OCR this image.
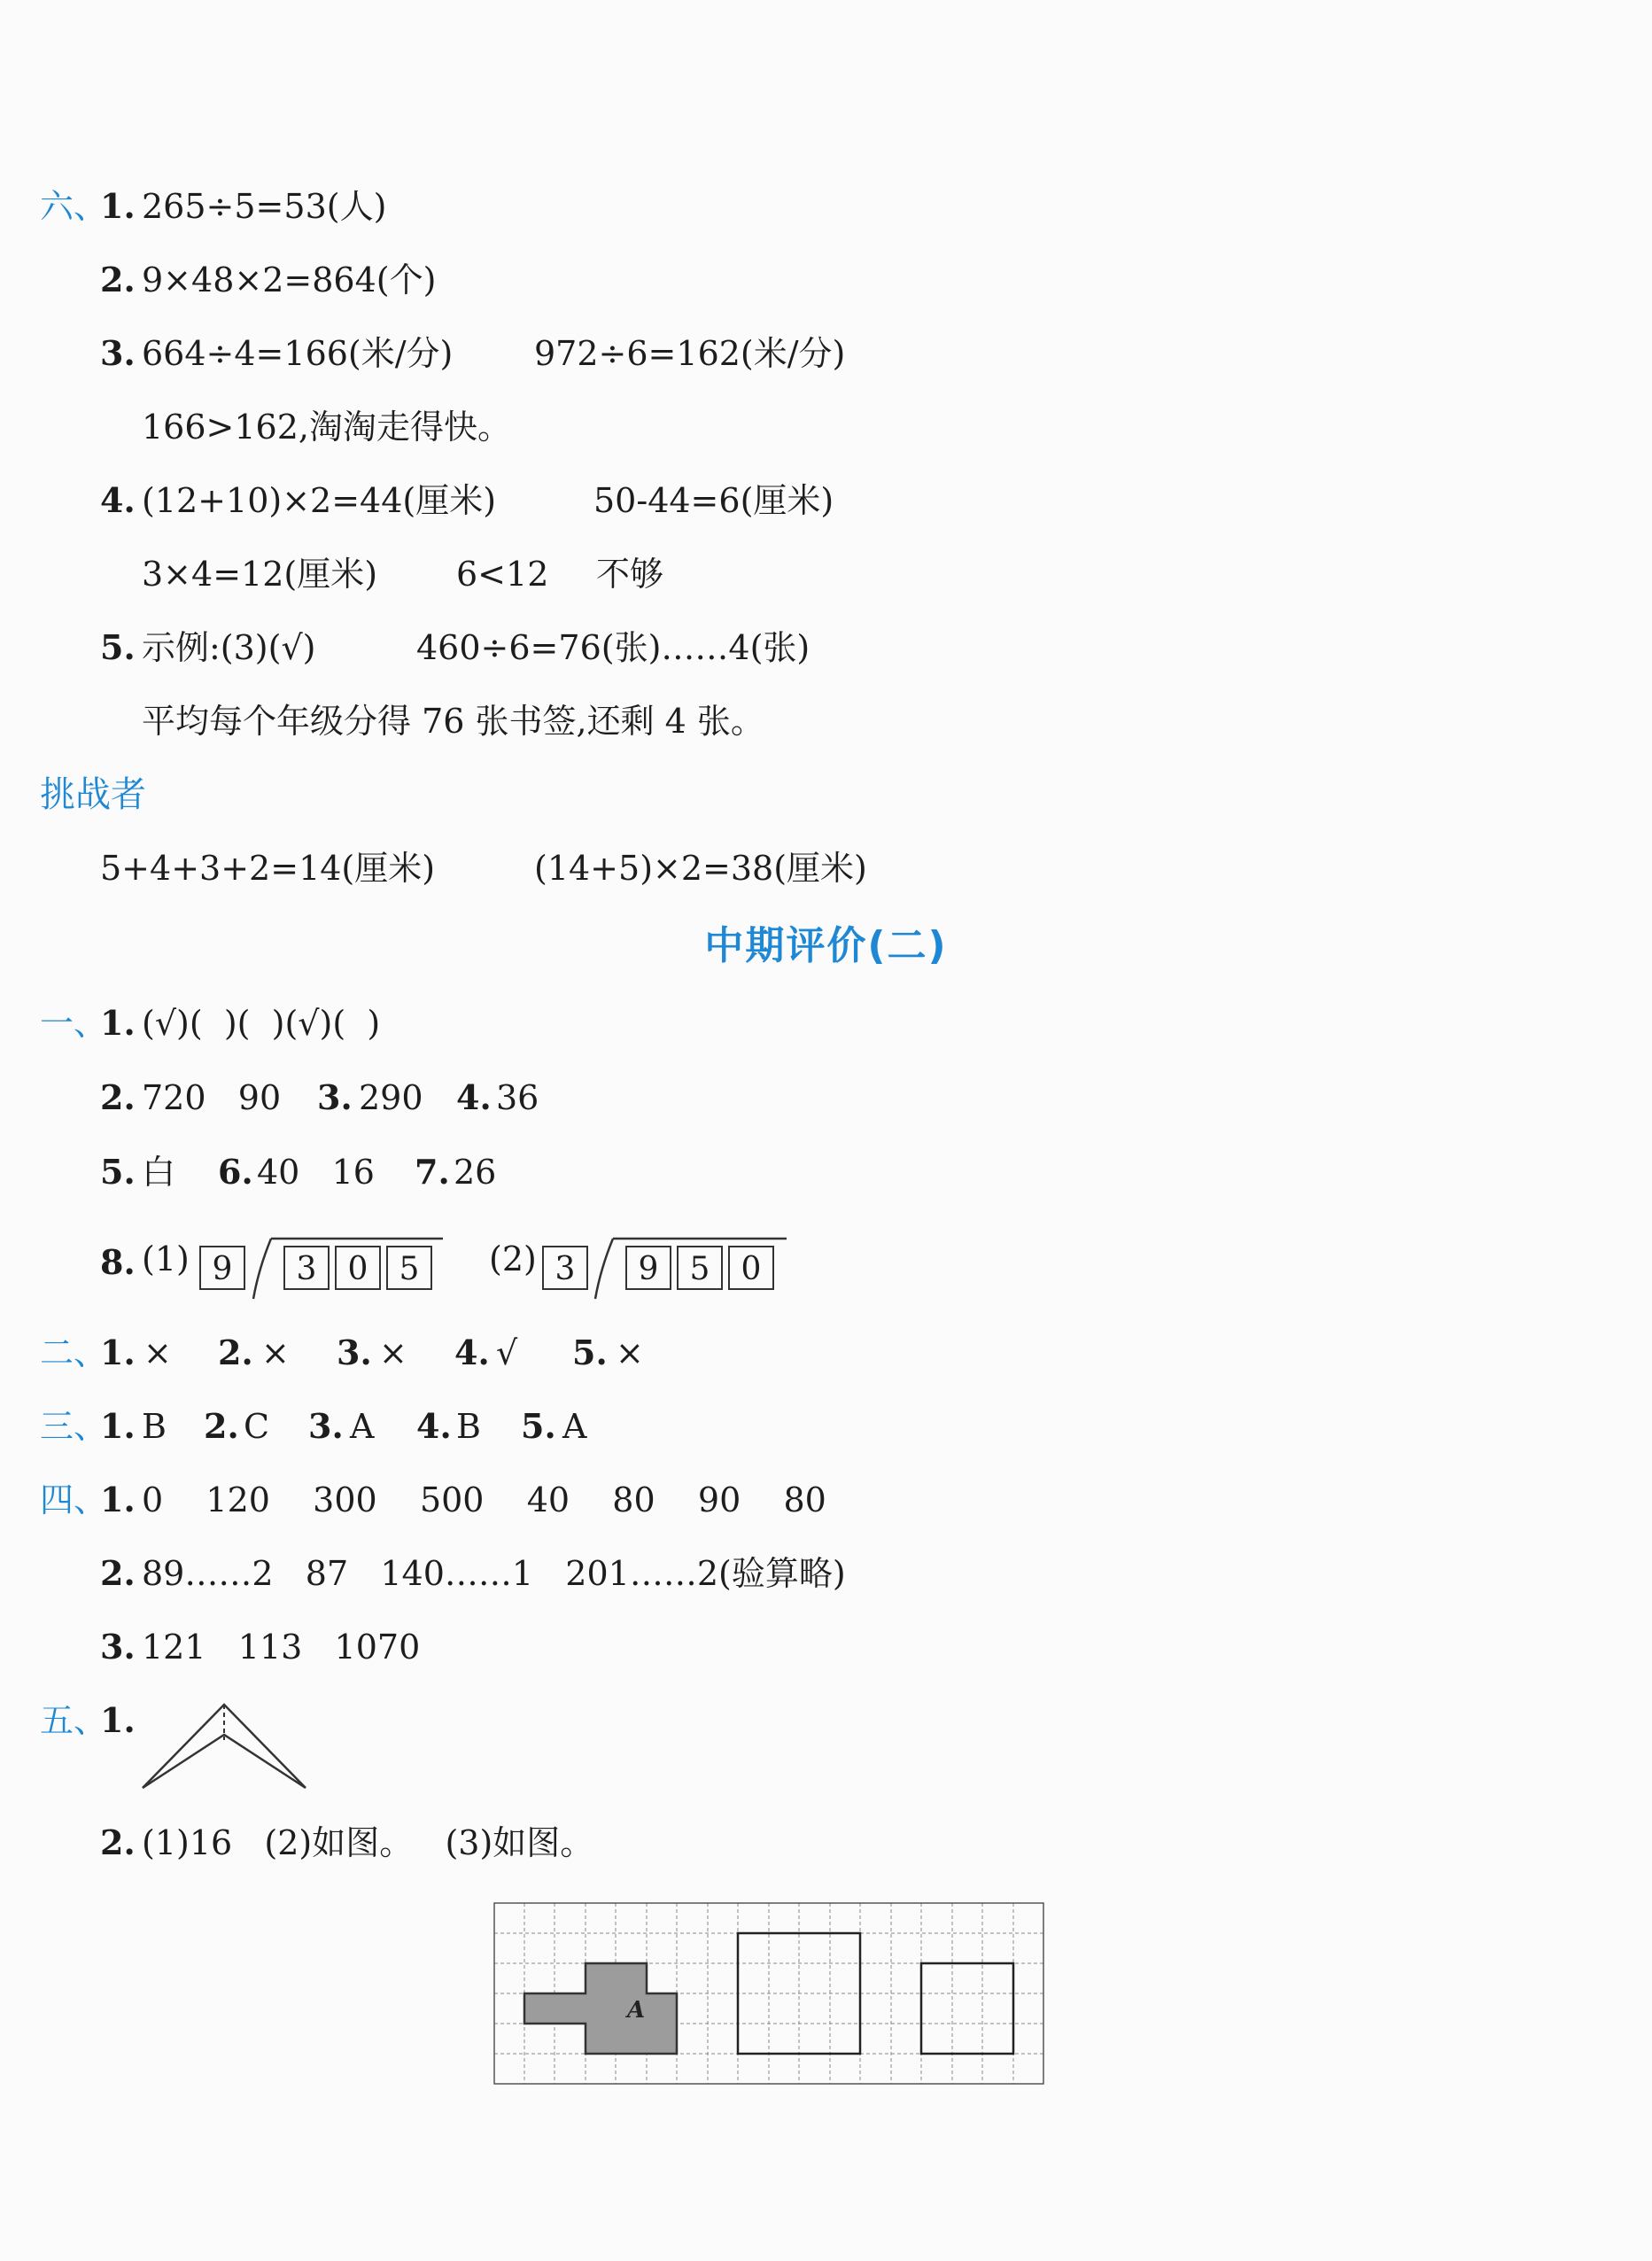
六、
1. 265÷5=53(人)
2. 9×48×2=864(个)
3. 664÷4=166(米/分) 972÷6=162(米/分)
166>162,淘淘走得快。
4. (12+10)×2=44(厘米)	50-44=6(厘米)
3×4=12(厘米) 6<12 不够
5. 示例:(3)(√)	460÷6=76(张)……4(张)
平均每个年级分得 76 张书签,还剩 4 张。
挑战者
5+4+3+2=14(厘米)	(14+5)×2=38(厘米)
中期评价(二)
一、
1. (√)(  )(  )(√)(  )
2. 720   90 3. 290 4. 36
5. 白 6. 40   16 7. 26
8. (1) 9	3 0 5	(2) 3	9 5 0
二、
1. × 2. × 3. × 4. √ 5. ×
三、
1. B 2. C 3. A 4. B 5. A
四、
1. 0   120   300   500   40   80   90   80
2. 89……2   87   140……1   201……2(验算略)
3. 121   113   1070
五、
1.
2. (1)16   (2)如图。   (3)如图。
A
